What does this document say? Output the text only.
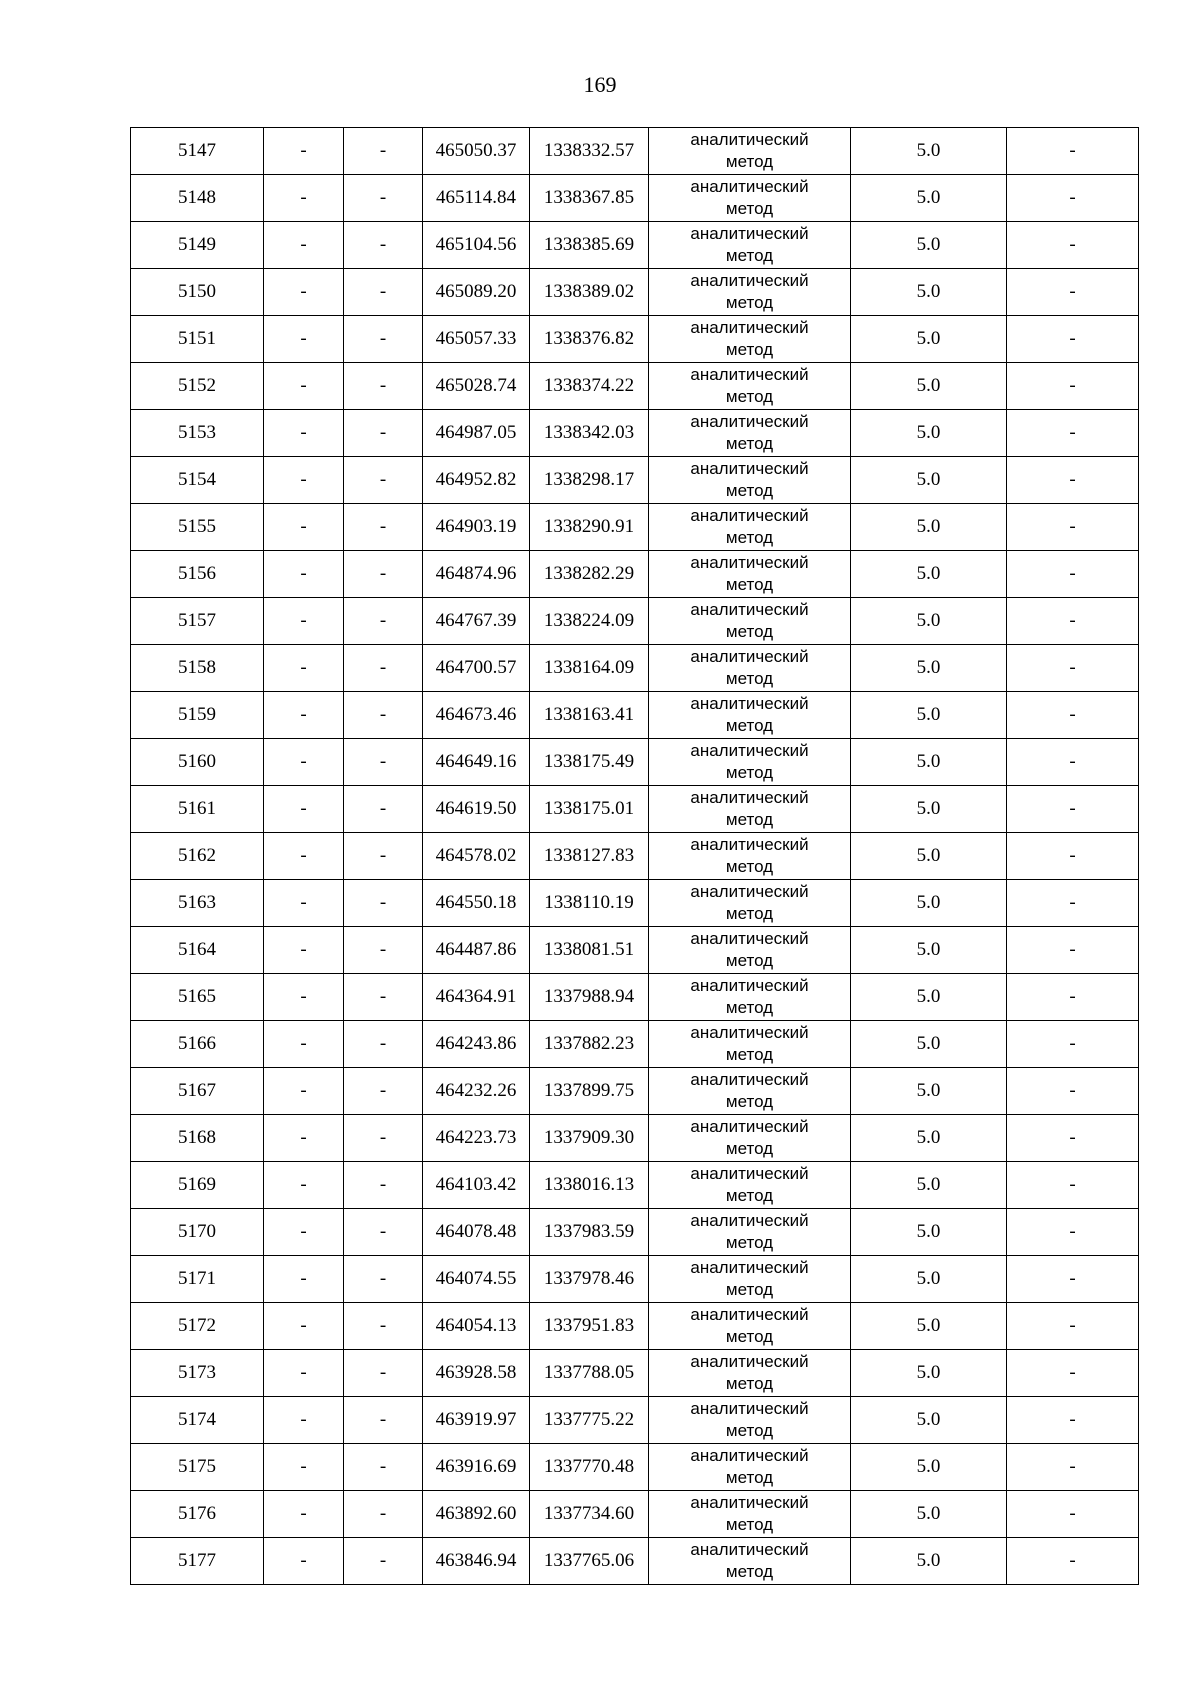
169
5147	-	-	465050.37	1338332.57	аналитический
метод	5.0	-
5148	-	-	465114.84	1338367.85	аналитический
метод	5.0	-
5149	-	-	465104.56	1338385.69	аналитический
метод	5.0	-
5150	-	-	465089.20	1338389.02	аналитический
метод	5.0	-
5151	-	-	465057.33	1338376.82	аналитический
метод	5.0	-
5152	-	-	465028.74	1338374.22	аналитический
метод	5.0	-
5153	-	-	464987.05	1338342.03	аналитический
метод	5.0	-
5154	-	-	464952.82	1338298.17	аналитический
метод	5.0	-
5155	-	-	464903.19	1338290.91	аналитический
метод	5.0	-
5156	-	-	464874.96	1338282.29	аналитический
метод	5.0	-
5157	-	-	464767.39	1338224.09	аналитический
метод	5.0	-
5158	-	-	464700.57	1338164.09	аналитический
метод	5.0	-
5159	-	-	464673.46	1338163.41	аналитический
метод	5.0	-
5160	-	-	464649.16	1338175.49	аналитический
метод	5.0	-
5161	-	-	464619.50	1338175.01	аналитический
метод	5.0	-
5162	-	-	464578.02	1338127.83	аналитический
метод	5.0	-
5163	-	-	464550.18	1338110.19	аналитический
метод	5.0	-
5164	-	-	464487.86	1338081.51	аналитический
метод	5.0	-
5165	-	-	464364.91	1337988.94	аналитический
метод	5.0	-
5166	-	-	464243.86	1337882.23	аналитический
метод	5.0	-
5167	-	-	464232.26	1337899.75	аналитический
метод	5.0	-
5168	-	-	464223.73	1337909.30	аналитический
метод	5.0	-
5169	-	-	464103.42	1338016.13	аналитический
метод	5.0	-
5170	-	-	464078.48	1337983.59	аналитический
метод	5.0	-
5171	-	-	464074.55	1337978.46	аналитический
метод	5.0	-
5172	-	-	464054.13	1337951.83	аналитический
метод	5.0	-
5173	-	-	463928.58	1337788.05	аналитический
метод	5.0	-
5174	-	-	463919.97	1337775.22	аналитический
метод	5.0	-
5175	-	-	463916.69	1337770.48	аналитический
метод	5.0	-
5176	-	-	463892.60	1337734.60	аналитический
метод	5.0	-
5177	-	-	463846.94	1337765.06	аналитический
метод	5.0	-
